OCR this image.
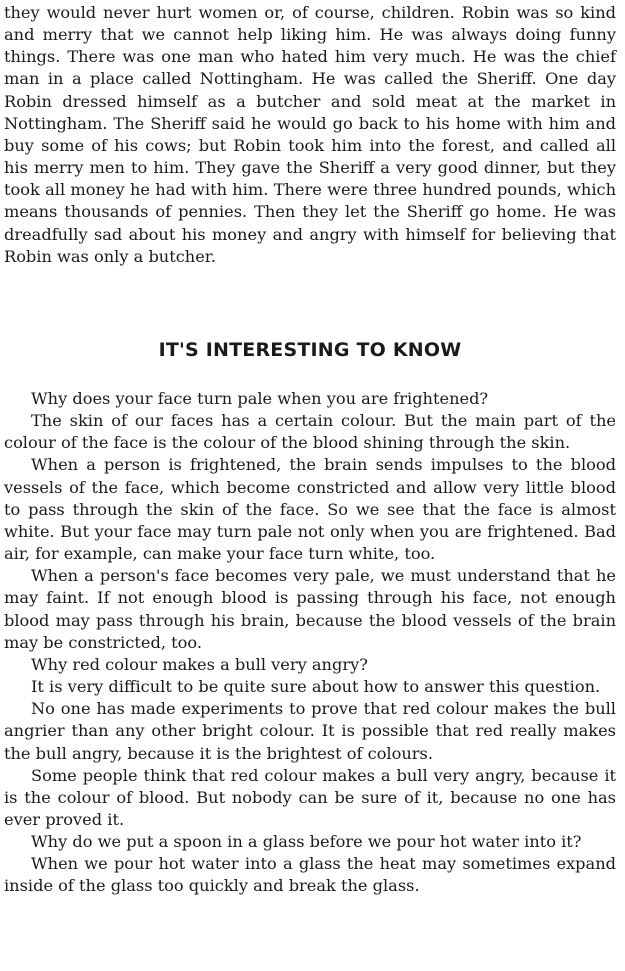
they would never hurt women or, of course, children. Robin was so kind and merry that we cannot help liking him. He was always doing funny things. There was one man who hated him very much. He was the chief man in a place called Nottingham. He was called the Sheriff. One day Robin dressed himself as a butcher and sold meat at the market in Nottingham. The Sheriff said he would go back to his home with him and buy some of his cows; but Robin took him into the forest, and called all his merry men to him. They gave the Sheriff a very good dinner, but they took all money he had with him. There were three hundred pounds, which means thousands of pennies. Then they let the Sheriff go home. He was dreadfully sad about his money and angry with himself for believing that Robin was only a butcher.

IT'S INTERESTING TO KNOW

Why does your face turn pale when you are frightened?

The skin of our faces has a certain colour. But the main part of the colour of the face is the colour of the blood shining through the skin.

When a person is frightened, the brain sends impulses to the blood vessels of the face, which become constricted and allow very little blood to pass through the skin of the face. So we see that the face is almost white. But your face may turn pale not only when you are frightened. Bad air, for example, can make your face turn white, too.

When a person's face becomes very pale, we must understand that he may faint. If not enough blood is passing through his face, not enough blood may pass through his brain, because the blood vessels of the brain may be constricted, too.

Why red colour makes a bull very angry?

It is very difficult to be quite sure about how to answer this question.

No one has made experiments to prove that red colour makes the bull angrier than any other bright colour. It is possible that red really makes the bull angry, because it is the brightest of colours.

Some people think that red colour makes a bull very angry, because it is the colour of blood. But nobody can be sure of it, because no one has ever proved it.

Why do we put a spoon in a glass before we pour hot water into it?

When we pour hot water into a glass the heat may sometimes expand inside of the glass too quickly and break the glass.
